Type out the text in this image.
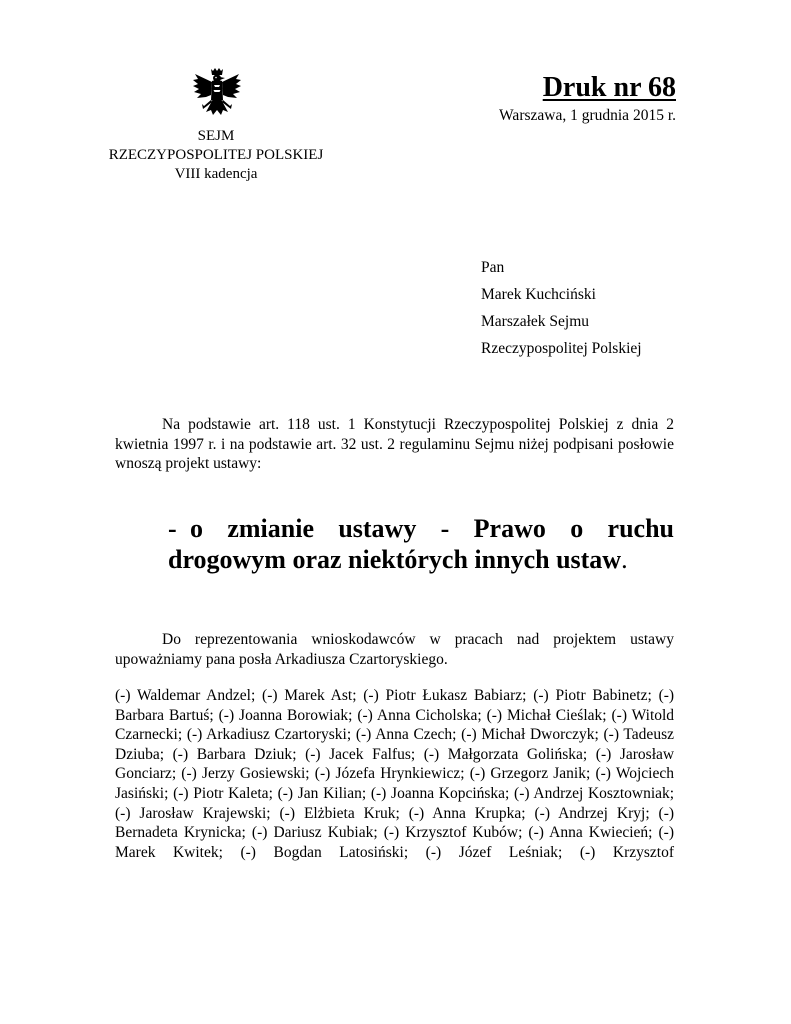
SEJM
RZECZYPOSPOLITEJ POLSKIEJ
VIII kadencja
Druk nr 68
Warszawa, 1 grudnia 2015 r.
Pan
Marek Kuchciński
Marszałek Sejmu
Rzeczypospolitej Polskiej
Na podstawie art. 118 ust. 1 Konstytucji Rzeczypospolitej Polskiej z dnia 2 kwietnia 1997 r. i na podstawie art. 32 ust. 2 regulaminu Sejmu niżej podpisani posłowie wnoszą projekt ustawy:
- o zmianie ustawy - Prawo o ruchu drogowym oraz niektórych innych ustaw.
Do reprezentowania wnioskodawców w pracach nad projektem ustawy upoważniamy pana posła Arkadiusza Czartoryskiego.
(-) Waldemar Andzel; (-) Marek Ast; (-) Piotr Łukasz Babiarz; (-) Piotr Babinetz; (-) Barbara Bartuś; (-) Joanna Borowiak; (-) Anna Cicholska; (-) Michał Cieślak; (-) Witold Czarnecki; (-) Arkadiusz Czartoryski; (-) Anna Czech; (-) Michał Dworczyk; (-) Tadeusz Dziuba; (-) Barbara Dziuk; (-) Jacek Falfus; (-) Małgorzata Golińska; (-) Jarosław Gonciarz; (-) Jerzy Gosiewski; (-) Józefa Hrynkiewicz; (-) Grzegorz Janik; (-) Wojciech Jasiński; (-) Piotr Kaleta; (-) Jan Kilian; (-) Joanna Kopcińska; (-) Andrzej Kosztowniak; (-) Jarosław Krajewski; (-) Elżbieta Kruk; (-) Anna Krupka; (-) Andrzej Kryj; (-) Bernadeta Krynicka; (-) Dariusz Kubiak; (-) Krzysztof Kubów; (-) Anna Kwiecień; (-) Marek Kwitek; (-) Bogdan Latosiński; (-) Józef Leśniak; (-) Krzysztof
